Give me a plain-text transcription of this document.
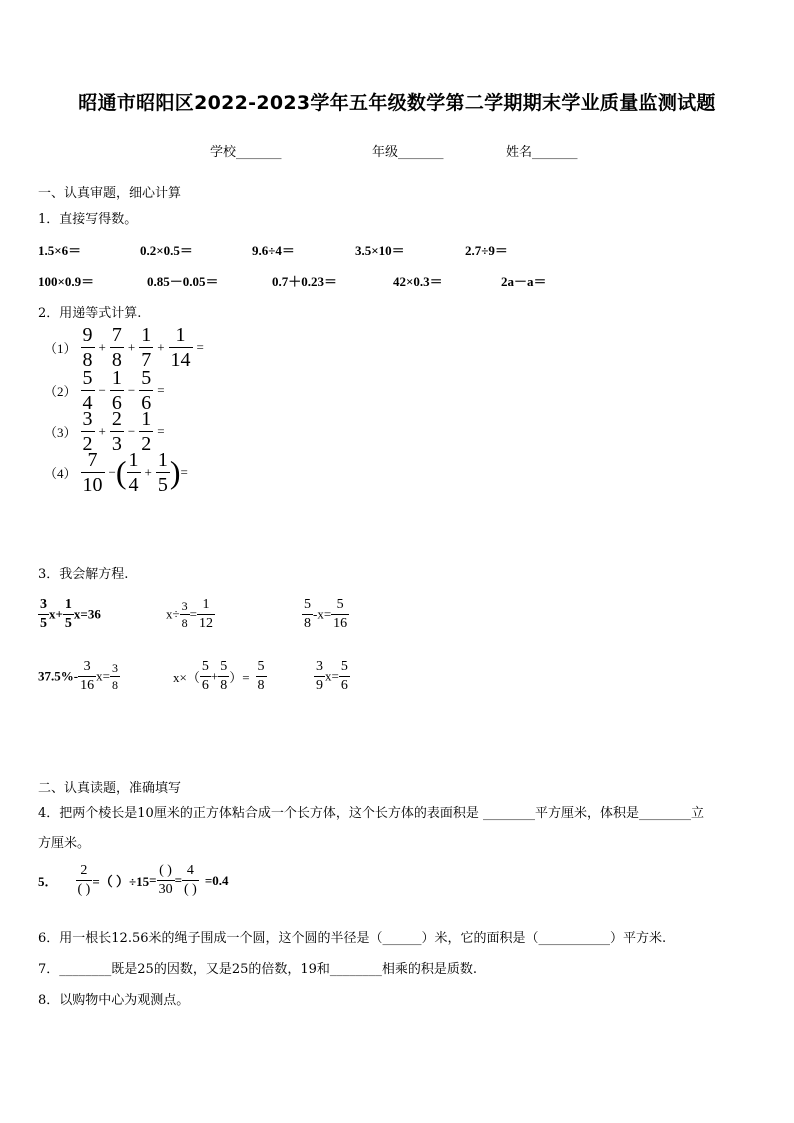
昭通市昭阳区2022-2023学年五年级数学第二学期期末学业质量监测试题
学校_______	年级_______	姓名_______
一、认真审题，细心计算
1．直接写得数。
1.5×6＝	0.2×0.5＝	9.6÷4＝	3.5×10＝	2.7÷9＝
100×0.9＝	0.85－0.05＝	0.7＋0.23＝	42×0.3＝	2a－a＝
2．用递等式计算.
$(1) \frac{9}{8} + \frac{7}{8} + \frac{1}{7} + \frac{1}{14}$ =
$(2) \frac{5}{4} - \frac{1}{6} - \frac{5}{6}$ =
$(3) \frac{3}{2} + \frac{2}{3} - \frac{1}{2}$ =
$(4) \frac{7}{10}$ −( $\frac{1}{4} + \frac{1}{5}$ )=
3．我会解方程.
$\frac{3}{5} x+ \frac{1}{5} x=36$	$x\div \frac{3}{8} = \frac{1}{12}$	$\frac{5}{8} -x= \frac{5}{16}$
$37.5\%- \frac{3}{16} x= \frac{3}{8}$	$x\times( \frac{5}{6} + \frac{5}{8}$ ）= $\frac{5}{8}$	$\frac{3}{9} x= \frac{5}{6}$
二、认真读题，准确填写
4．把两个棱长是10厘米的正方体粘合成一个长方体，这个长方体的表面积是 ________平方厘米，体积是________立
方厘米。
5． $\frac{2}{( )}$ =（ ）$\div 15= \frac{( )}{30} = \frac{4}{( )} =0.4$
6．用一根长12.56米的绳子围成一个圆，这个圆的半径是（______）米，它的面积是（___________）平方米.
7．________既是25的因数，又是25的倍数，19和________相乘的积是质数.
8．以购物中心为观测点。
